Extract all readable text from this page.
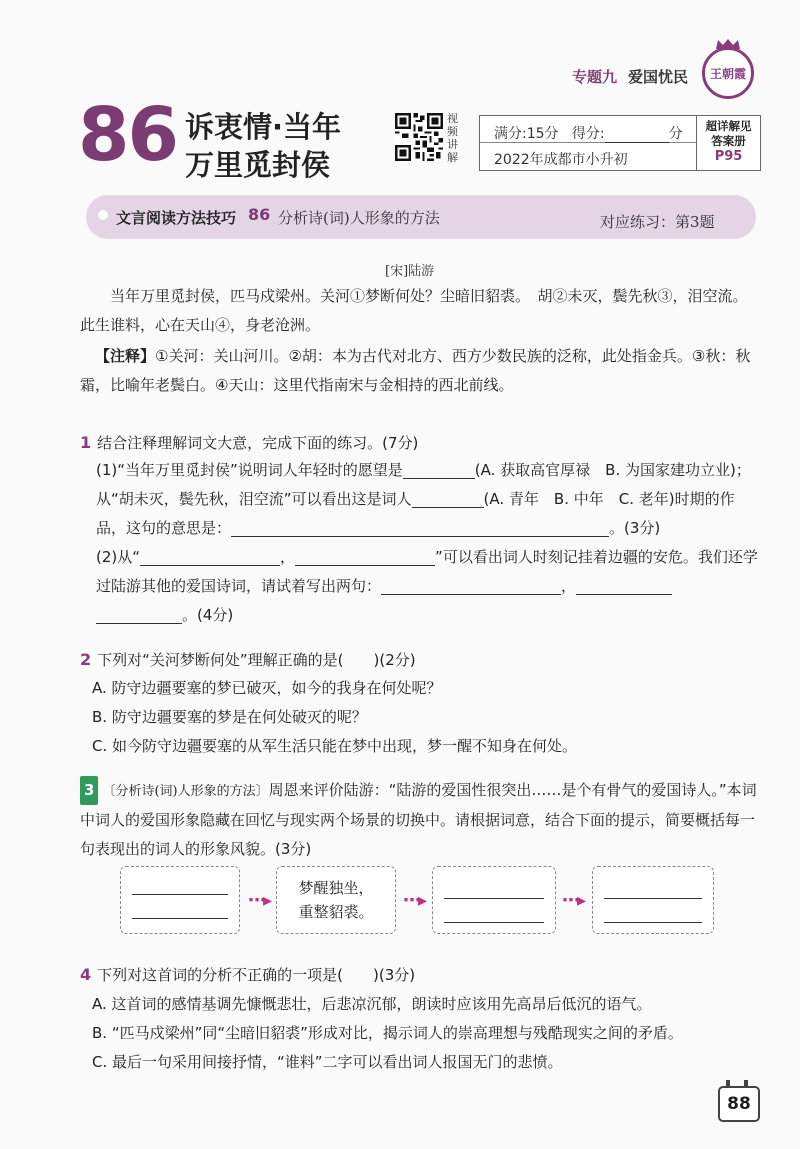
专题九 爱国忧民 王朝霞
86 诉衷情·当年
万里觅封侯
视频讲解
满分:15分 得分:	分
2022年成都市小升初
超详解见
答案册
P95
文言阅读方法技巧 86 分析诗(词)人形象的方法	对应练习：第3题
[宋]陆游
当年万里觅封侯，匹马戍梁州。关河①梦断何处？尘暗旧貂裘。　胡②未灭，鬓先秋③，泪空流。此生谁料，心在天山④，身老沧洲。
【注释】①关河：关山河川。②胡：本为古代对北方、西方少数民族的泛称，此处指金兵。③秋：秋霜，比喻年老鬓白。④天山：这里代指南宋与金相持的西北前线。
1 结合注释理解词文大意，完成下面的练习。(7分)
(1)“当年万里觅封侯”说明词人年轻时的愿望是	(A. 获取高官厚禄　B. 为国家建功立业)；从“胡未灭，鬓先秋，泪空流”可以看出这是词人	(A. 青年　B. 中年　C. 老年)时期的作品，这句的意思是：	。(3分)
(2)从“	，	”可以看出词人时刻记挂着边疆的安危。我们还学过陆游其他的爱国诗词，请试着写出两句：	，
。(4分)
2 下列对“关河梦断何处”理解正确的是(　　)(2分)
A. 防守边疆要塞的梦已破灭，如今的我身在何处呢？
B. 防守边疆要塞的梦是在何处破灭的呢？
C. 如今防守边疆要塞的从军生活只能在梦中出现，梦一醒不知身在何处。
3 〔分析诗(词)人形象的方法〕周恩来评价陆游：“陆游的爱国性很突出……是个有骨气的爱国诗人。”本词中词人的爱国形象隐藏在回忆与现实两个场景的切换中。请根据词意，结合下面的提示，简要概括每一句表现出的词人的形象风貌。(3分)
⋯▸
梦醒独坐，
重整貂裘。
⋯▸	⋯▸
4 下列对这首词的分析不正确的一项是(　　)(3分)
A. 这首词的感情基调先慷慨悲壮，后悲凉沉郁，朗读时应该用先高昂后低沉的语气。
B. “匹马戍梁州”同“尘暗旧貂裘”形成对比，揭示词人的崇高理想与残酷现实之间的矛盾。
C. 最后一句采用间接抒情，“谁料”二字可以看出词人报国无门的悲愤。
88
